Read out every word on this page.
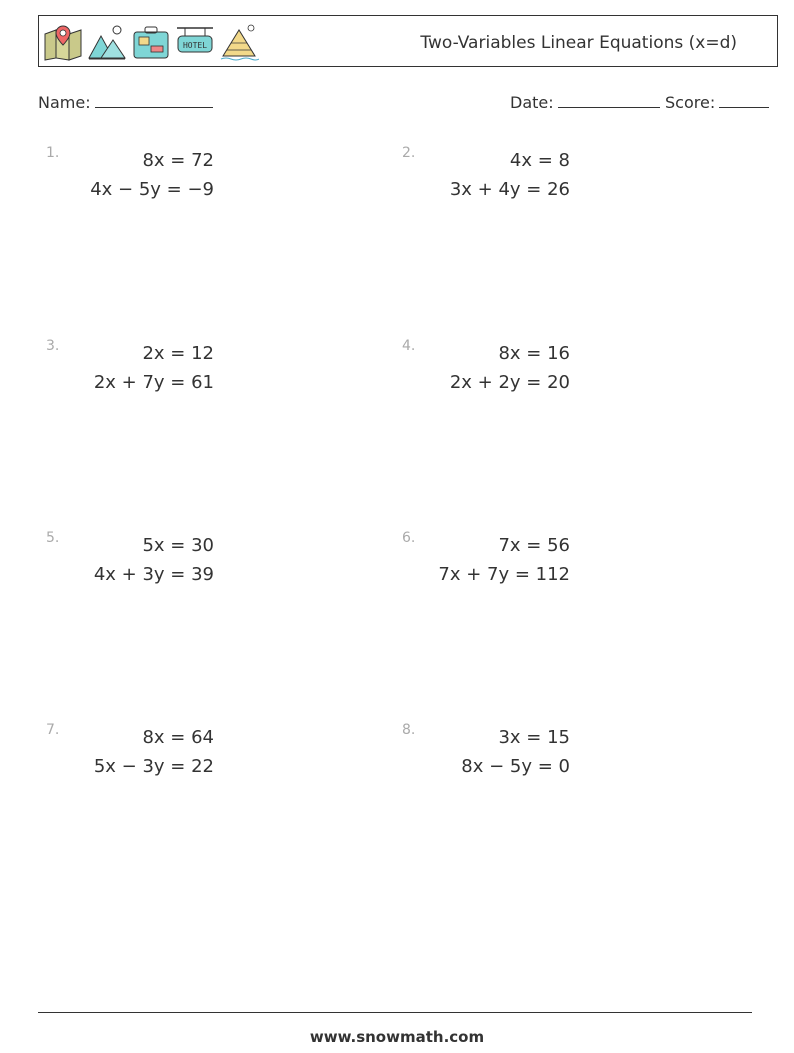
HOTEL	Two-Variables Linear Equations (x=d)
Name:	Date:	Score:
1.	8x = 72
4x − 5y = −9
2.	4x = 8
3x + 4y = 26
3.	2x = 12
2x + 7y = 61
4.	8x = 16
2x + 2y = 20
5.	5x = 30
4x + 3y = 39
6.	7x = 56
7x + 7y = 112
7.	8x = 64
5x − 3y = 22
8.	3x = 15
8x − 5y = 0
www.snowmath.com
